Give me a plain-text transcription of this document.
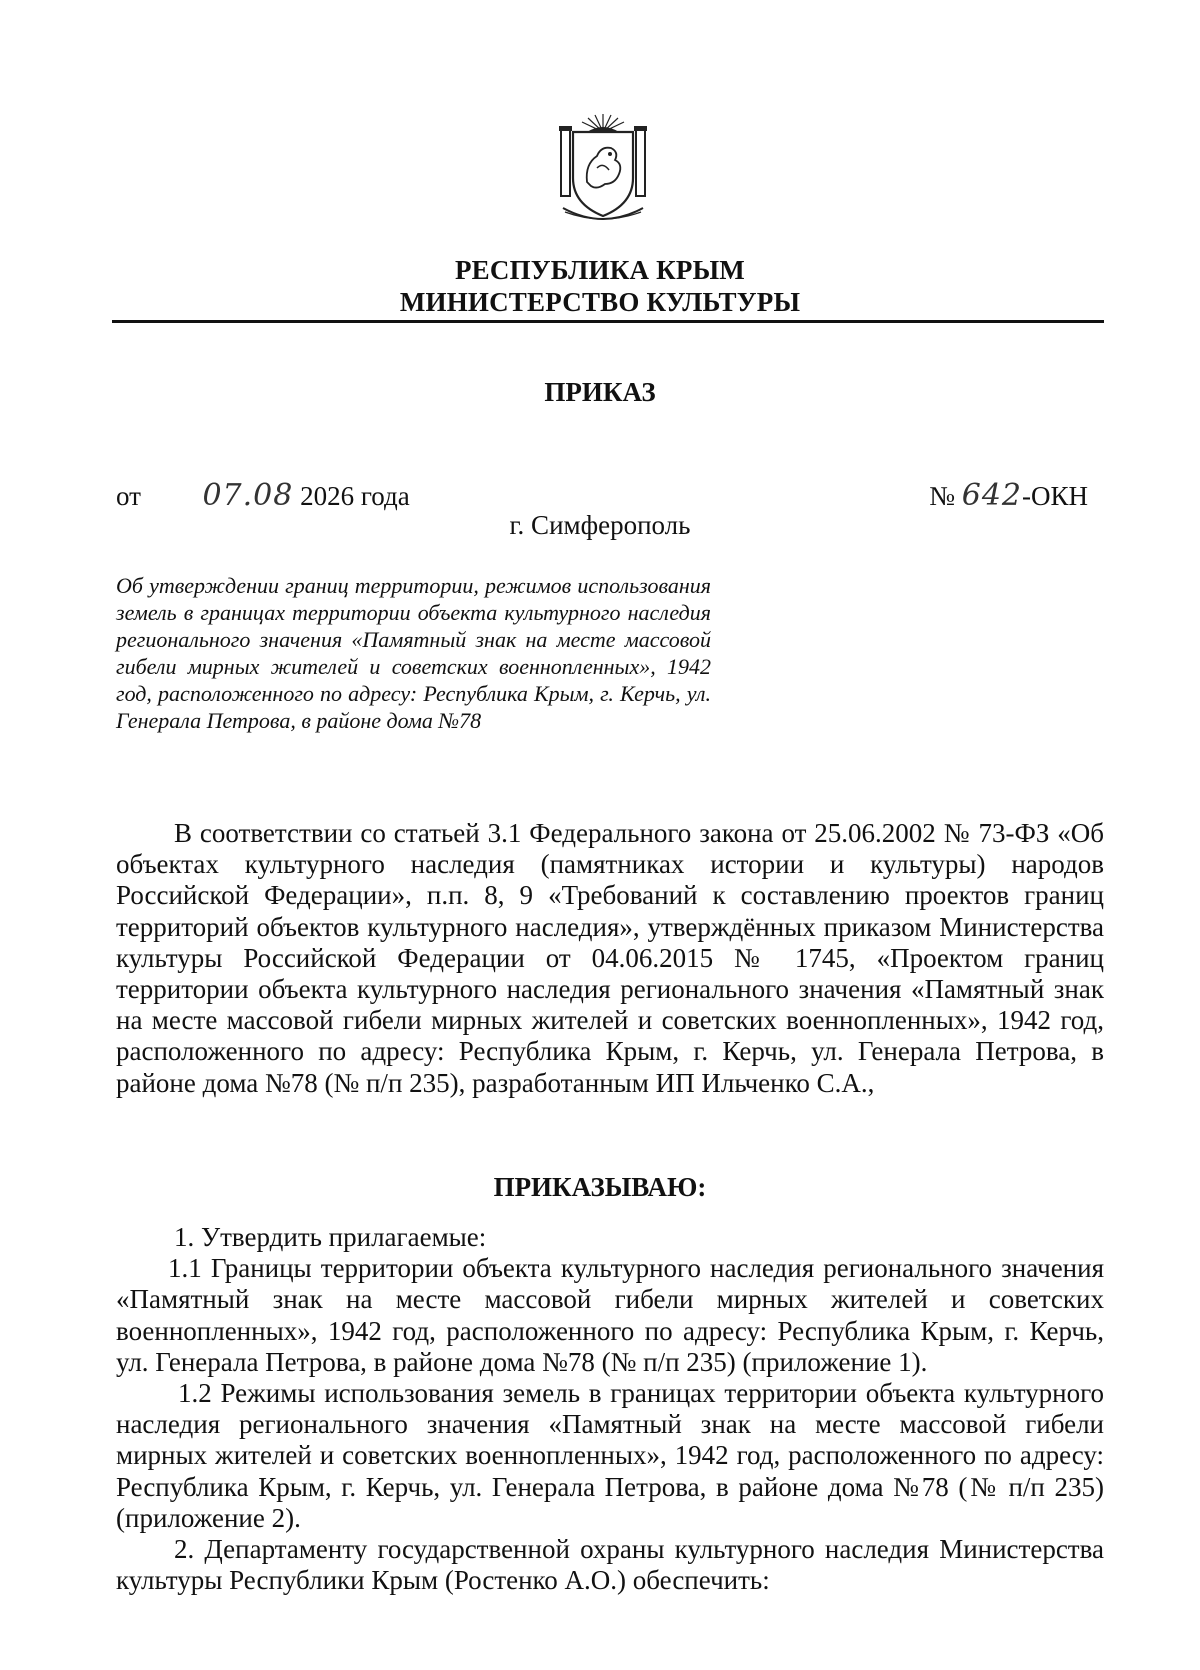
РЕСПУБЛИКА КРЫМ
МИНИСТЕРСТВО КУЛЬТУРЫ
ПРИКАЗ
от 07.08 2026 года	№ 642-ОКН
г. Симферополь
Об утверждении границ территории, режимов использования земель в границах территории объекта культурного наследия регионального значения «Памятный знак на месте массовой гибели мирных жителей и советских военнопленных», 1942 год, расположенного по адресу: Республика Крым, г. Керчь, ул. Генерала Петрова, в районе дома №78

В соответствии со статьей 3.1 Федерального закона от 25.06.2002 № 73-ФЗ «Об объектах культурного наследия (памятниках истории и культуры) народов Российской Федерации», п.п. 8, 9 «Требований к составлению проектов границ территорий объектов культурного наследия», утверждённых приказом Министерства культуры Российской Федерации от 04.06.2015 № 1745, «Проектом границ территории объекта культурного наследия регионального значения «Памятный знак на месте массовой гибели мирных жителей и советских военнопленных», 1942 год, расположенного по адресу: Республика Крым, г. Керчь, ул. Генерала Петрова, в районе дома №78 (№ п/п 235), разработанным ИП Ильченко С.А.,

ПРИКАЗЫВАЮ:

1. Утвердить прилагаемые:

1.1 Границы территории объекта культурного наследия регионального значения «Памятный знак на месте массовой гибели мирных жителей и советских военнопленных», 1942 год, расположенного по адресу: Республика Крым, г. Керчь, ул. Генерала Петрова, в районе дома №78 (№ п/п 235) (приложение 1).

1.2 Режимы использования земель в границах территории объекта культурного наследия регионального значения «Памятный знак на месте массовой гибели мирных жителей и советских военнопленных», 1942 год, расположенного по адресу: Республика Крым, г. Керчь, ул. Генерала Петрова, в районе дома №78 (№ п/п 235) (приложение 2).

2. Департаменту государственной охраны культурного наследия Министерства культуры Республики Крым (Ростенко А.О.) обеспечить:
